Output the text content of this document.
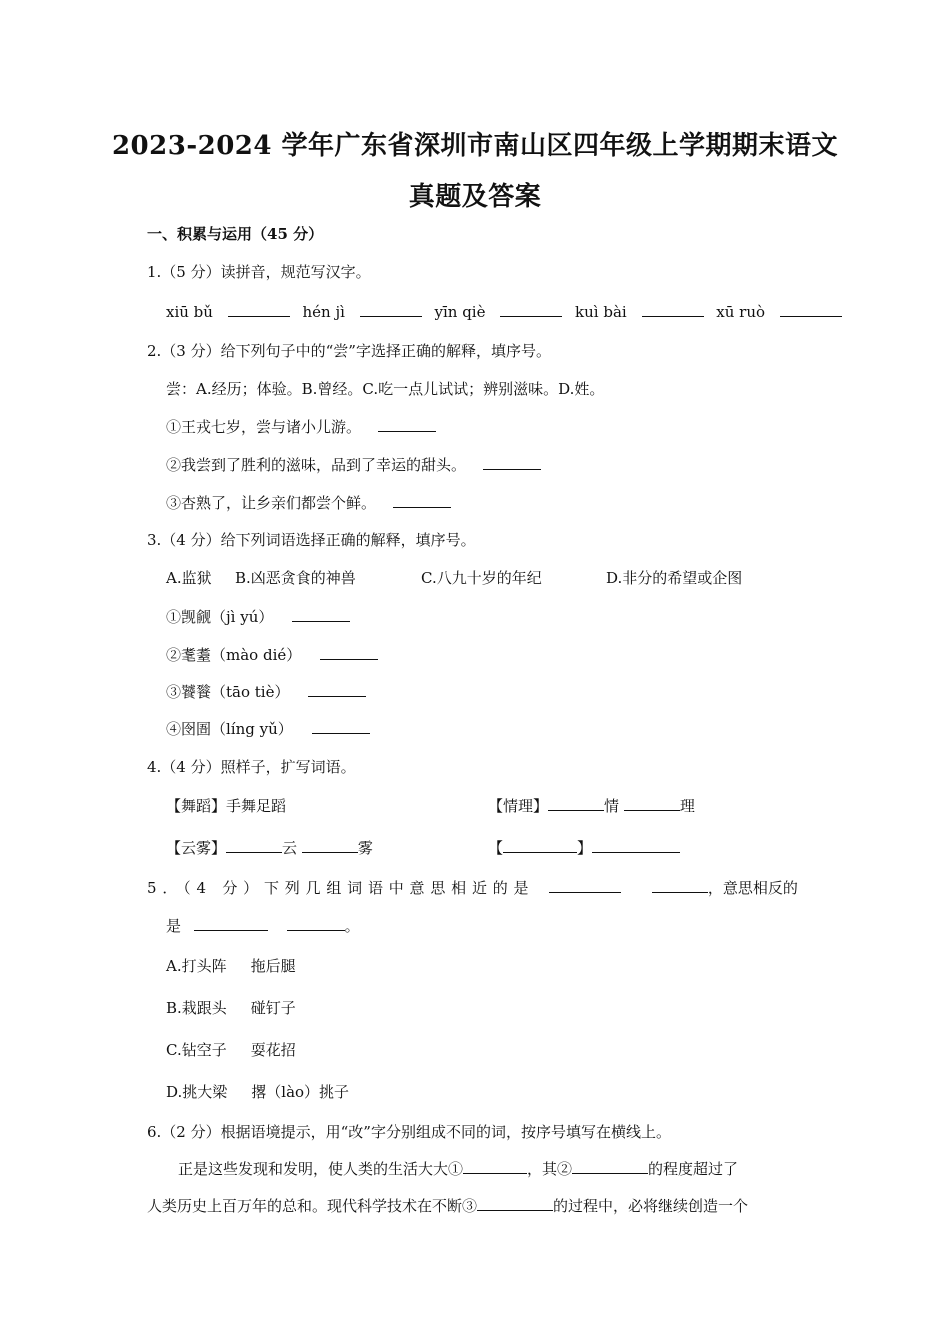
2023-2024 学年广东省深圳市南山区四年级上学期期末语文
真题及答案
一、积累与运用（45 分）
1.（5 分）读拼音，规范写汉字。
xiū bǔ	hén jì	yīn qiè	kuì bài	xū ruò
2.（3 分）给下列句子中的“尝”字选择正确的解释，填序号。
尝：A.经历；体验。B.曾经。C.吃一点儿试试；辨别滋味。D.姓。
①王戎七岁，尝与诸小儿游。
②我尝到了胜利的滋味，品到了幸运的甜头。
③杏熟了，让乡亲们都尝个鲜。
3.（4 分）给下列词语选择正确的解释，填序号。
A.监狱 B.凶恶贪食的神兽	C.八九十岁的年纪	D.非分的希望或企图
①觊觎（jì yú）
②耄耋（mào dié）
③饕餮（tāo tiè）
④囹圄（líng yǔ）
4.（4 分）照样子，扩写词语。
【舞蹈】手舞足蹈	【情理】	情	理
【云雾】	云	雾	【	】
5．（4 分）下列几组词语中意思相近的是	，意思相反的
是	。
A.打头阵 拖后腿
B.栽跟头 碰钉子
C.钻空子 耍花招
D.挑大梁 撂（lào）挑子
6.（2 分）根据语境提示，用“改”字分别组成不同的词，按序号填写在横线上。
正是这些发现和发明，使人类的生活大大①	，其②	的程度超过了
人类历史上百万年的总和。现代科学技术在不断③	的过程中，必将继续创造一个
